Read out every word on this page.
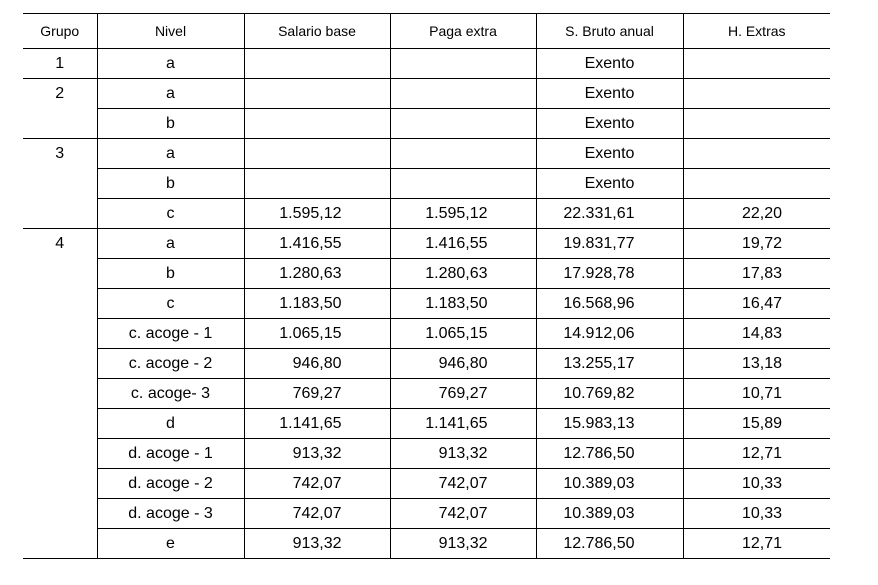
Grupo	Nivel	Salario base	Paga extra	S. Bruto anual	H. Extras
1	a			Exento	
2	a			Exento	
	b			Exento	
3	a			Exento	
	b			Exento	
	c	1.595,12	1.595,12	22.331,61	22,20
4	a	1.416,55	1.416,55	19.831,77	19,72
	b	1.280,63	1.280,63	17.928,78	17,83
	c	1.183,50	1.183,50	16.568,96	16,47
	c. acoge - 1	1.065,15	1.065,15	14.912,06	14,83
	c. acoge - 2	946,80	946,80	13.255,17	13,18
	c. acoge- 3	769,27	769,27	10.769,82	10,71
	d	1.141,65	1.141,65	15.983,13	15,89
	d. acoge - 1	913,32	913,32	12.786,50	12,71
	d. acoge - 2	742,07	742,07	10.389,03	10,33
	d. acoge - 3	742,07	742,07	10.389,03	10,33
	e	913,32	913,32	12.786,50	12,71
